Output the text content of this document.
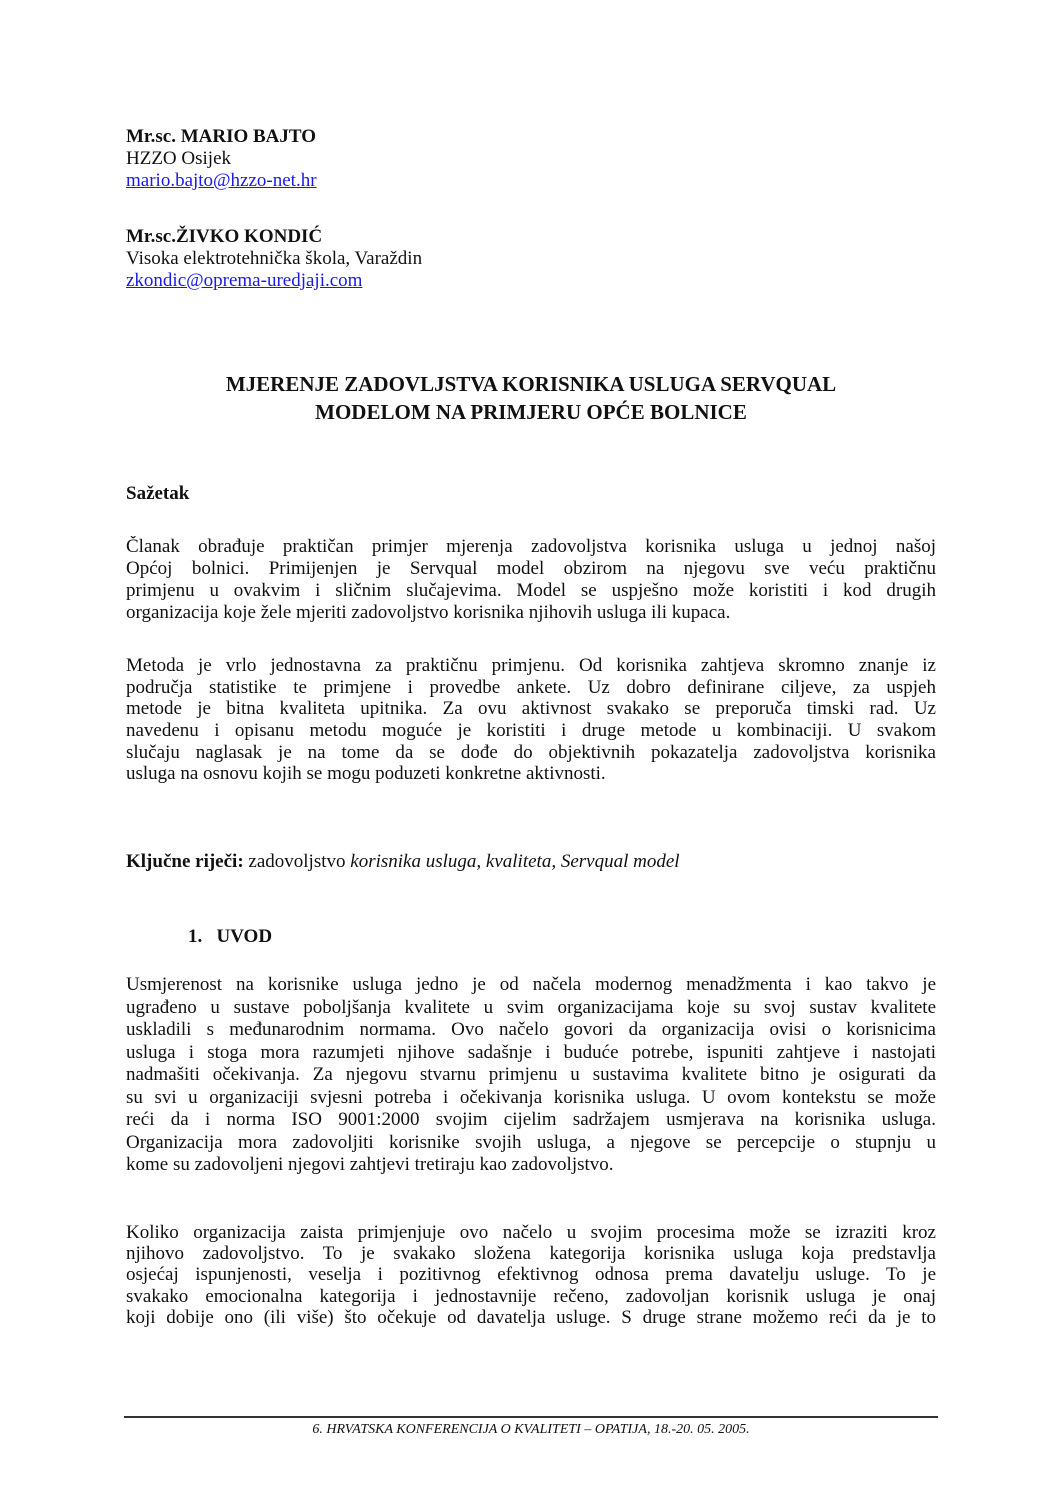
Mr.sc. MARIO BAJTO
HZZO Osijek
mario.bajto@hzzo-net.hr
Mr.sc.ŽIVKO KONDIĆ
Visoka elektrotehnička škola, Varaždin
zkondic@oprema-uredjaji.com
MJERENJE ZADOVLJSTVA KORISNIKA USLUGA SERVQUAL
MODELOM NA PRIMJERU OPĆE BOLNICE
Sažetak
Članak obrađuje praktičan primjer mjerenja zadovoljstva korisnika usluga u jednoj našoj
Općoj bolnici. Primijenjen je Servqual model obzirom na njegovu sve veću praktičnu
primjenu u ovakvim i sličnim slučajevima. Model se uspješno može koristiti i kod drugih
organizacija koje žele mjeriti zadovoljstvo korisnika njihovih usluga ili kupaca.
Metoda je vrlo jednostavna za praktičnu primjenu. Od korisnika zahtjeva skromno znanje iz
područja statistike te primjene i provedbe ankete. Uz dobro definirane ciljeve, za uspjeh
metode je bitna kvaliteta upitnika. Za ovu aktivnost svakako se preporuča timski rad. Uz
navedenu i opisanu metodu moguće je koristiti i druge metode u kombinaciji. U svakom
slučaju naglasak je na tome da se dođe do objektivnih pokazatelja zadovoljstva korisnika
usluga na osnovu kojih se mogu poduzeti konkretne aktivnosti.
Ključne riječi: zadovoljstvo korisnika usluga, kvaliteta, Servqual model
1.   UVOD
Usmjerenost na korisnike usluga jedno je od načela modernog menadžmenta i kao takvo je
ugrađeno u sustave poboljšanja kvalitete u svim organizacijama koje su svoj sustav kvalitete
uskladili s međunarodnim normama. Ovo načelo govori da organizacija ovisi o korisnicima
usluga i stoga mora razumjeti njihove sadašnje i buduće potrebe, ispuniti zahtjeve i nastojati
nadmašiti očekivanja. Za njegovu stvarnu primjenu u sustavima kvalitete bitno je osigurati da
su svi u organizaciji svjesni potreba i očekivanja korisnika usluga. U ovom kontekstu se može
reći da i norma ISO 9001:2000 svojim cijelim sadržajem usmjerava na korisnika usluga.
Organizacija mora zadovoljiti korisnike svojih usluga, a njegove se percepcije o stupnju u
kome su zadovoljeni njegovi zahtjevi tretiraju kao zadovoljstvo.
Koliko organizacija zaista primjenjuje ovo načelo u svojim procesima može se izraziti kroz
njihovo zadovoljstvo. To je svakako složena kategorija korisnika usluga koja predstavlja
osjećaj ispunjenosti, veselja i pozitivnog efektivnog odnosa prema davatelju usluge. To je
svakako emocionalna kategorija i jednostavnije rečeno, zadovoljan korisnik usluga je onaj
koji dobije ono (ili više) što očekuje od davatelja usluge. S druge strane možemo reći da je to
6. HRVATSKA KONFERENCIJA O KVALITETI – OPATIJA, 18.-20. 05. 2005.
